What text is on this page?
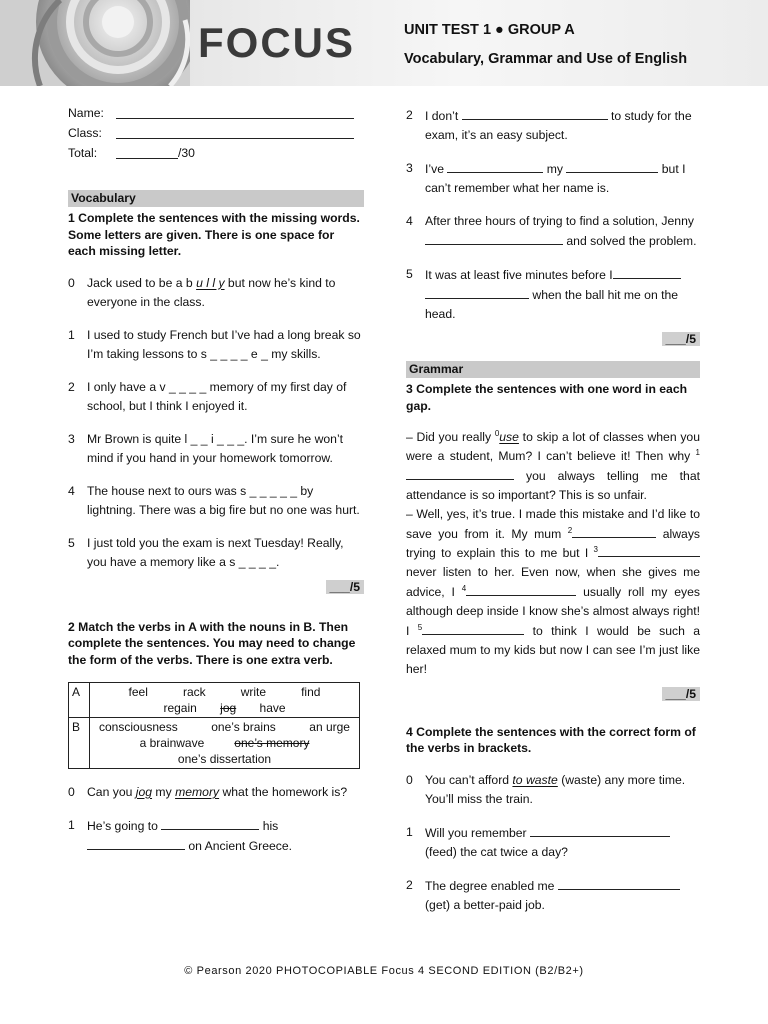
FOCUS	UNIT TEST 1 ● GROUP A
Vocabulary, Grammar and Use of English
Name:
Class:
Total:	/30
Vocabulary
1 Complete the sentences with the missing words. Some letters are given. There is one space for each missing letter.
0	Jack used to be a b u l l y but now he’s kind to everyone in the class.
1	I used to study French but I’ve had a long break so I’m taking lessons to s _ _ _ _ e _ my skills.
2	I only have a v _ _ _ _ memory of my first day of school, but I think I enjoyed it.
3	Mr Brown is quite l _ _ i _ _ _. I’m sure he won’t mind if you hand in your homework tomorrow.
4	The house next to ours was s _ _ _ _ _ by lightning. There was a big fire but no one was hurt.
5	I just told you the exam is next Tuesday! Really, you have a memory like a s _ _ _ _.
___/5
2 Match the verbs in A with the nouns in B. Then complete the sentences. You may need to change the form of the verbs. There is one extra verb.
A	feel rack write find
regain jog have

B	consciousness one’s brains an urge
a brainwave one’s memory
one’s dissertation
0	Can you jog my memory what the homework is?
1	He’s going to	his
on Ancient Greece.
2	I don’t	to study for the exam, it’s an easy subject.
3	I’ve	my	but I can’t remember what her name is.
4	After three hours of trying to find a solution, Jenny  and solved the problem.
5	It was at least five minutes before I
when the ball hit me on the head.
___/5
Grammar
3 Complete the sentences with one word in each gap.
– Did you really $^0$use to skip a lot of classes when you were a student, Mum? I can’t believe it! Then why $^1$ you always telling me that attendance is so important? This is so unfair.
– Well, yes, it’s true. I made this mistake and I’d like to save you from it. My mum $^2$	always trying to explain this to me but I $^3$ never listen to her. Even now, when she gives me advice, I $^4$	usually roll my eyes although deep inside I know she’s almost always right! I $^5$	to think I would be such a relaxed mum to my kids but now I can see I’m just like her!
___/5
4 Complete the sentences with the correct form of the verbs in brackets.
0	You can’t afford to waste (waste) any more time. You’ll miss the train.
1	Will you remember  (feed) the cat twice a day?
2	The degree enabled me  (get) a better-paid job.
© Pearson 2020 PHOTOCOPIABLE Focus 4 SECOND EDITION (B2/B2+)
